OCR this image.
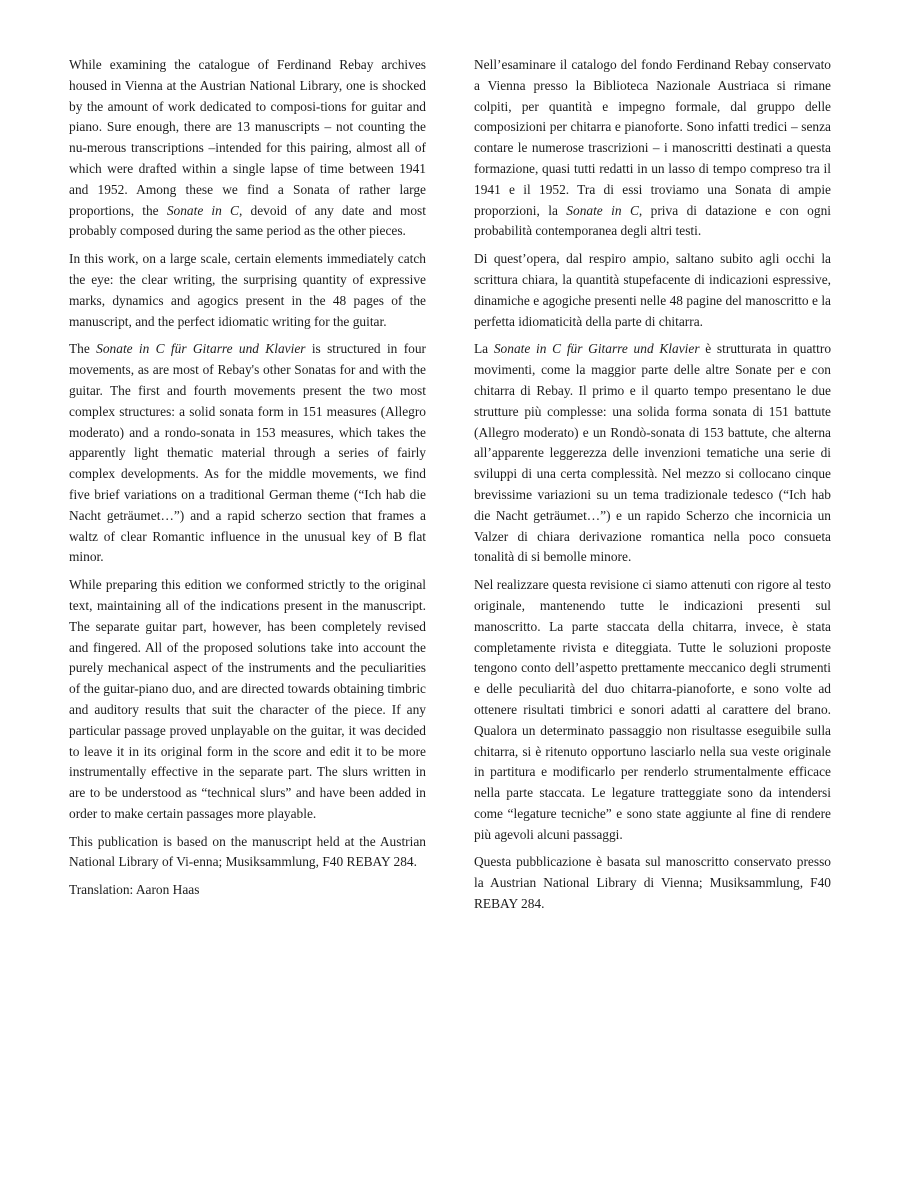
While examining the catalogue of Ferdinand Rebay archives housed in Vienna at the Austrian National Library, one is shocked by the amount of work dedicated to composi-tions for guitar and piano. Sure enough, there are 13 manuscripts – not counting the nu-merous transcriptions –intended for this pairing, almost all of which were drafted within a single lapse of time between 1941 and 1952. Among these we find a Sonata of rather large proportions, the Sonate in C, devoid of any date and most probably composed during the same period as the other pieces.

In this work, on a large scale, certain elements immediately catch the eye: the clear writing, the surprising quantity of expressive marks, dynamics and agogics present in the 48 pages of the manuscript, and the perfect idiomatic writing for the guitar.

The Sonate in C für Gitarre und Klavier is structured in four movements, as are most of Rebay's other Sonatas for and with the guitar. The first and fourth movements present the two most complex structures: a solid sonata form in 151 measures (Allegro moderato) and a rondo-sonata in 153 measures, which takes the apparently light thematic material through a series of fairly complex developments. As for the middle movements, we find five brief variations on a traditional German theme (“Ich hab die Nacht geträumet…”) and a rapid scherzo section that frames a waltz of clear Romantic influence in the unusual key of B flat minor.

While preparing this edition we conformed strictly to the original text, maintaining all of the indications present in the manuscript. The separate guitar part, however, has been completely revised and fingered. All of the proposed solutions take into account the purely mechanical aspect of the instruments and the peculiarities of the guitar-piano duo, and are directed towards obtaining timbric and auditory results that suit the character of the piece. If any particular passage proved unplayable on the guitar, it was decided to leave it in its original form in the score and edit it to be more instrumentally effective in the separate part. The slurs written in are to be understood as “technical slurs” and have been added in order to make certain passages more playable.

This publication is based on the manuscript held at the Austrian National Library of Vi-enna; Musiksammlung, F40 REBAY 284.

Translation: Aaron Haas

Nell’esaminare il catalogo del fondo Ferdinand Rebay conservato a Vienna presso la Biblioteca Nazionale Austriaca si rimane colpiti, per quantità e impegno formale, dal gruppo delle composizioni per chitarra e pianoforte. Sono infatti tredici – senza contare le numerose trascrizioni – i manoscritti destinati a questa formazione, quasi tutti redatti in un lasso di tempo compreso tra il 1941 e il 1952. Tra di essi troviamo una Sonata di ampie proporzioni, la Sonate in C, priva di datazione e con ogni probabilità contemporanea degli altri testi.

Di quest’opera, dal respiro ampio, saltano subito agli occhi la scrittura chiara, la quantità stupefacente di indicazioni espressive, dinamiche e agogiche presenti nelle 48 pagine del manoscritto e la perfetta idiomaticità della parte di chitarra.

La Sonate in C für Gitarre und Klavier è strutturata in quattro movimenti, come la maggior parte delle altre Sonate per e con chitarra di Rebay. Il primo e il quarto tempo presentano le due strutture più complesse: una solida forma sonata di 151 battute (Allegro moderato) e un Rondò-sonata di 153 battute, che alterna all’apparente leggerezza delle invenzioni tematiche una serie di sviluppi di una certa complessità. Nel mezzo si collocano cinque brevissime variazioni su un tema tradizionale tedesco (“Ich hab die Nacht geträumet…”) e un rapido Scherzo che incornicia un Valzer di chiara derivazione romantica nella poco consueta tonalità di si bemolle minore.

Nel realizzare questa revisione ci siamo attenuti con rigore al testo originale, mantenendo tutte le indicazioni presenti sul manoscritto. La parte staccata della chitarra, invece, è stata completamente rivista e diteggiata. Tutte le soluzioni proposte tengono conto dell’aspetto prettamente meccanico degli strumenti e delle peculiarità del duo chitarra-pianoforte, e sono volte ad ottenere risultati timbrici e sonori adatti al carattere del brano. Qualora un determinato passaggio non risultasse eseguibile sulla chitarra, si è ritenuto opportuno lasciarlo nella sua veste originale in partitura e modificarlo per renderlo strumentalmente efficace nella parte staccata. Le legature tratteggiate sono da intendersi come “legature tecniche” e sono state aggiunte al fine di rendere più agevoli alcuni passaggi.

Questa pubblicazione è basata sul manoscritto conservato presso la Austrian National Library di Vienna; Musiksammlung, F40 REBAY 284.
